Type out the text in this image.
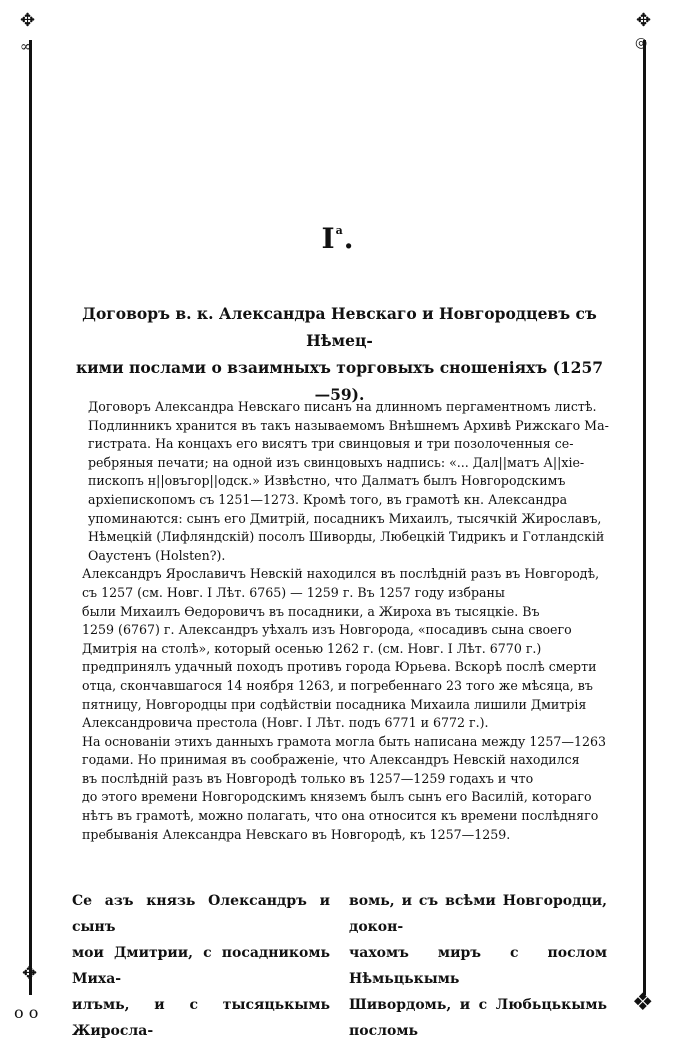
✥
∞
✥
◎
✥
o o	❖
$I^a$.
Договоръ в. к. Александра Невскаго и Новгородцевъ съ Нѣмец-
кими послами о взаимныхъ торговыхъ сношеніяхъ (1257—59).
Договоръ Александра Невскаго писанъ на длинномъ пергаментномъ листѣ.
Подлинникъ хранится въ такъ называемомъ Внѣшнемъ Архивѣ Рижскаго Ма-
гистрата. На концахъ его висятъ три свинцовыя и три позолоченныя се-
ребряныя печати; на одной изъ свинцовыхъ надпись: «... Дал||матъ А||хіе-
пископъ н||овъгор||одск.» Извѣстно, что Далматъ былъ Новгородскимъ
архіепископомъ съ 1251—1273. Кромѣ того, въ грамотѣ кн. Александра
упоминаются: сынъ его Дмитрій, посадникъ Михаилъ, тысячкій Жирославъ,
Нѣмецкій (Лифляндскій) посолъ Шиворды, Любецкій Тидрикъ и Готландскій
Оаустенъ (Holsten?).
Александръ Ярославичъ Невскій находился въ послѣдній разъ въ Новгородѣ,
съ 1257 (см. Новг. I Лѣт. 6765) — 1259 г. Въ 1257 году избраны
были Михаилъ Ѳедоровичъ въ посадники, а Жироха въ тысяцкіе. Въ
1259 (6767) г. Александръ уѣхалъ изъ Новгорода, «посадивъ сына своего
Дмитрія на столѣ», который осенью 1262 г. (см. Новг. I Лѣт. 6770 г.)
предпринялъ удачный походъ противъ города Юрьева. Вскорѣ послѣ смерти
отца, скончавшагося 14 ноября 1263, и погребеннаго 23 того же мѣсяца, въ
пятницу, Новгородцы при содѣйствіи посадника Михаила лишили Дмитрія
Александровича престола (Новг. I Лѣт. подъ 6771 и 6772 г.).
На основаніи этихъ данныхъ грамота могла быть написана между 1257—1263
годами. Но принимая въ соображеніе, что Александръ Невскій находился
въ послѣдній разъ въ Новгородѣ только въ 1257—1259 годахъ и что
до этого времени Новгородскимъ княземъ былъ сынъ его Василій, котораго
нѣтъ въ грамотѣ, можно полагать, что она относится къ времени послѣдняго
пребыванія Александра Невскаго въ Новгородѣ, къ 1257—1259.
Се азъ князь Олександръ и сынъ
мои Дмитрии, с посадникомь Миха-
илъмь, и с тысяцькымь Жиросла-
вомь, и съ всѣми Новгородци, докон-
чахомъ миръ с послом Нѣмьцькымь
Шивордомь, и с Любьцькымь посломь
